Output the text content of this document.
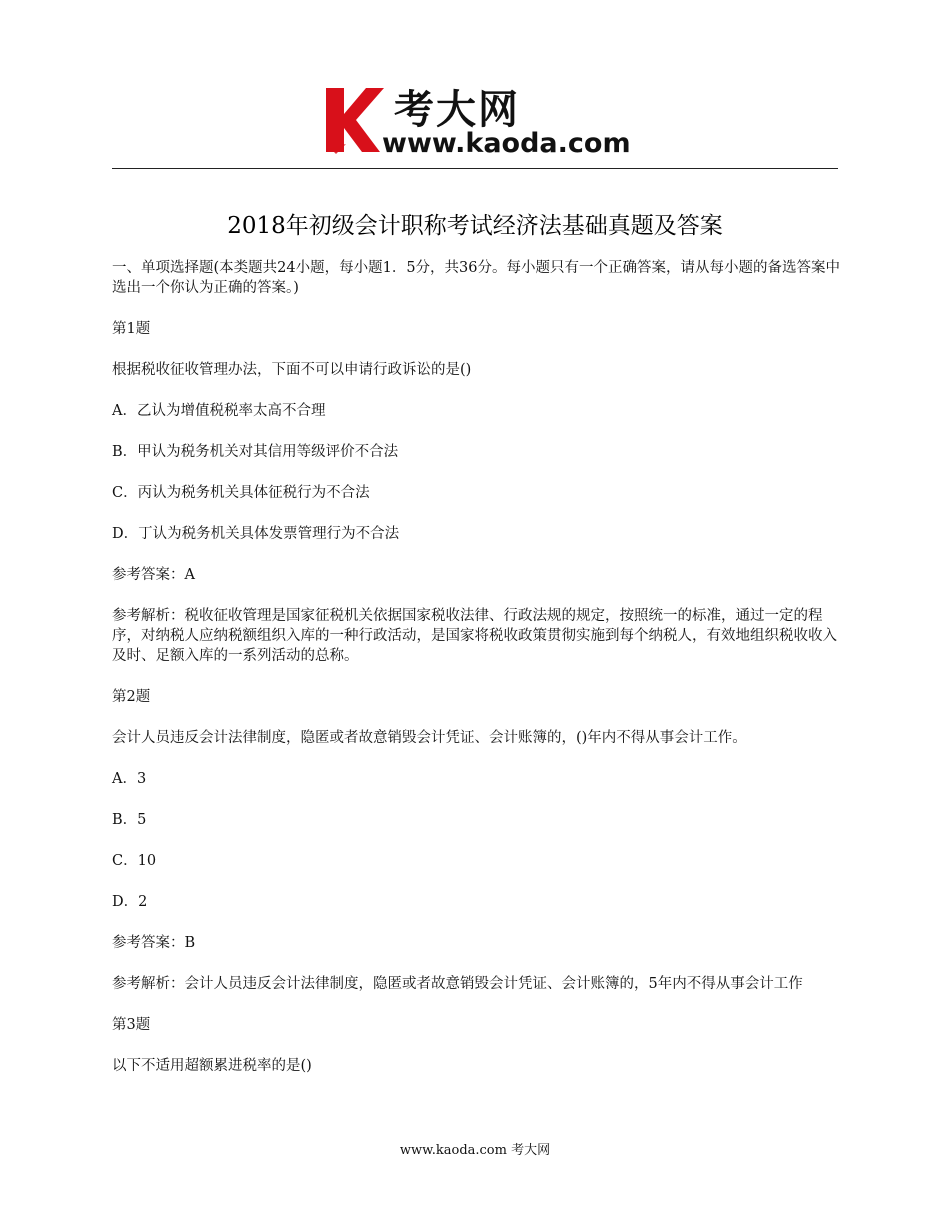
考大网
www.kaoda.com
2018年初级会计职称考试经济法基础真题及答案

一、单项选择题(本类题共24小题，每小题1．5分，共36分。每小题只有一个正确答案，请从每小题的备选答案中选出一个你认为正确的答案。)

第1题

根据税收征收管理办法，下面不可以申请行政诉讼的是()

A．乙认为增值税税率太高不合理

B．甲认为税务机关对其信用等级评价不合法

C．丙认为税务机关具体征税行为不合法

D．丁认为税务机关具体发票管理行为不合法

参考答案：A

参考解析：税收征收管理是国家征税机关依据国家税收法律、行政法规的规定，按照统一的标准，通过一定的程序，对纳税人应纳税额组织入库的一种行政活动，是国家将税收政策贯彻实施到每个纳税人，有效地组织税收收入及时、足额入库的一系列活动的总称。

第2题

会计人员违反会计法律制度，隐匿或者故意销毁会计凭证、会计账簿的，()年内不得从事会计工作。

A．3

B．5

C．10

D．2

参考答案：B

参考解析：会计人员违反会计法律制度，隐匿或者故意销毁会计凭证、会计账簿的，5年内不得从事会计工作

第3题

以下不适用超额累进税率的是()

www.kaoda.com 考大网
